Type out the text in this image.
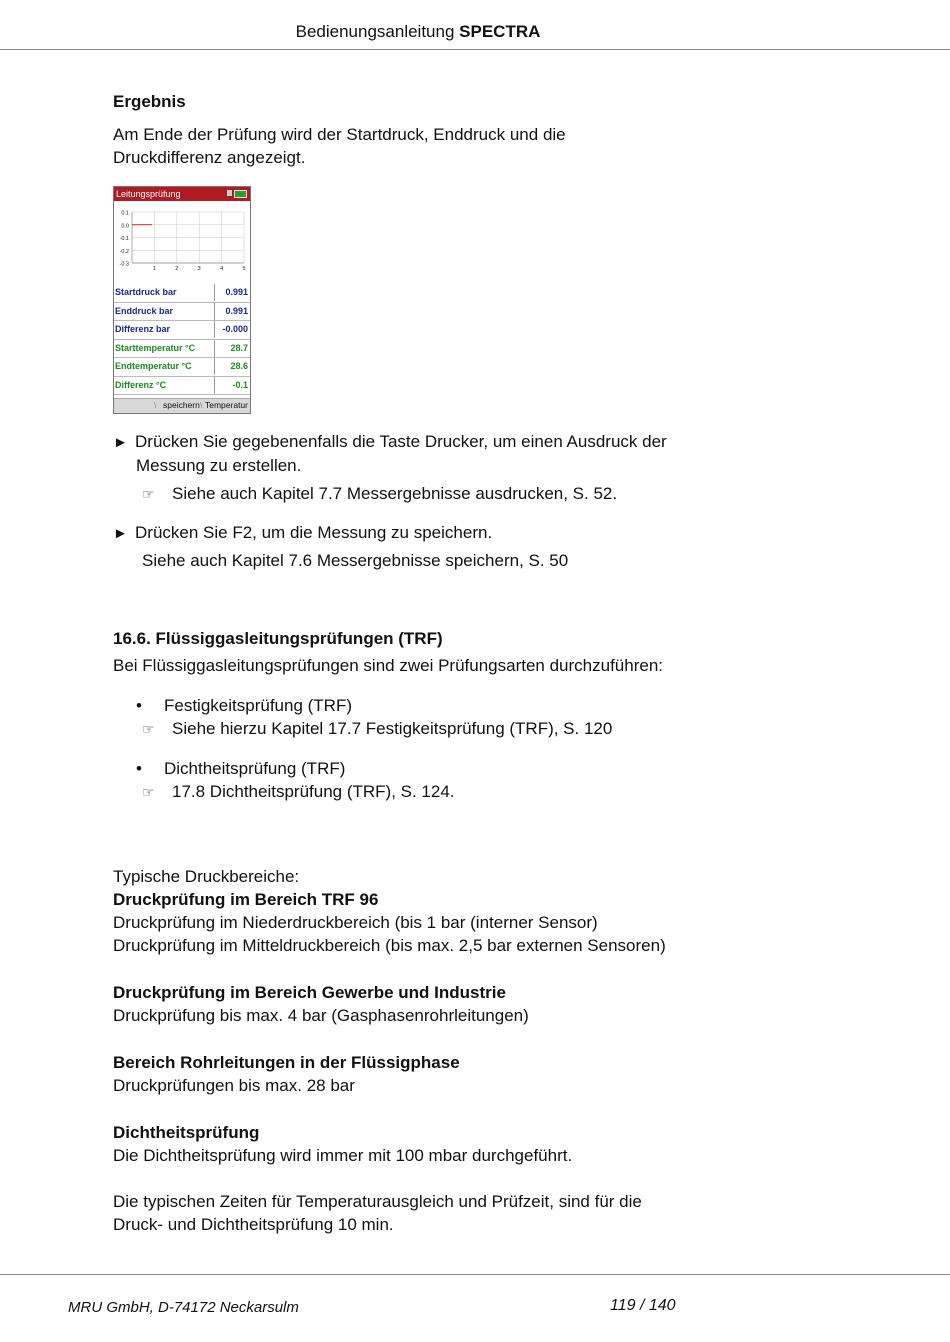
Bedienungsanleitung SPECTRA
Ergebnis
Am Ende der Prüfung wird der Startdruck, Enddruck und die
Druckdifferenz angezeigt.
Leitungsprüfung
0.1
0.0
-0.1
-0.2
-0.3
1	2	3	4	5
Startdruck bar	0.991
Enddruck bar	0.991
Differenz bar	-0.000
Starttemperatur °C	28.7
Endtemperatur °C	28.6
Differenz °C	-0.1
\ speichern \ Temperatur
► Drücken Sie gegebenenfalls die Taste Drucker, um einen Ausdruck der
Messung zu erstellen.
☞ Siehe auch Kapitel 7.7 Messergebnisse ausdrucken, S. 52.
► Drücken Sie F2, um die Messung zu speichern.
Siehe auch Kapitel 7.6 Messergebnisse speichern, S. 50
16.6. Flüssiggasleitungsprüfungen (TRF)
Bei Flüssiggasleitungsprüfungen sind zwei Prüfungsarten durchzuführen:
• Festigkeitsprüfung (TRF)
☞ Siehe hierzu Kapitel 17.7 Festigkeitsprüfung (TRF), S. 120
• Dichtheitsprüfung (TRF)
☞ 17.8 Dichtheitsprüfung (TRF), S. 124.
Typische Druckbereiche:
Druckprüfung im Bereich TRF 96
Druckprüfung im Niederdruckbereich (bis 1 bar (interner Sensor)
Druckprüfung im Mitteldruckbereich (bis max. 2,5 bar externen Sensoren)
Druckprüfung im Bereich Gewerbe und Industrie
Druckprüfung bis max. 4 bar (Gasphasenrohrleitungen)
Bereich Rohrleitungen in der Flüssigphase
Druckprüfungen bis max. 28 bar
Dichtheitsprüfung
Die Dichtheitsprüfung wird immer mit 100 mbar durchgeführt.
Die typischen Zeiten für Temperaturausgleich und Prüfzeit, sind für die
Druck- und Dichtheitsprüfung 10 min.
MRU GmbH, D-74172 Neckarsulm	119 / 140
